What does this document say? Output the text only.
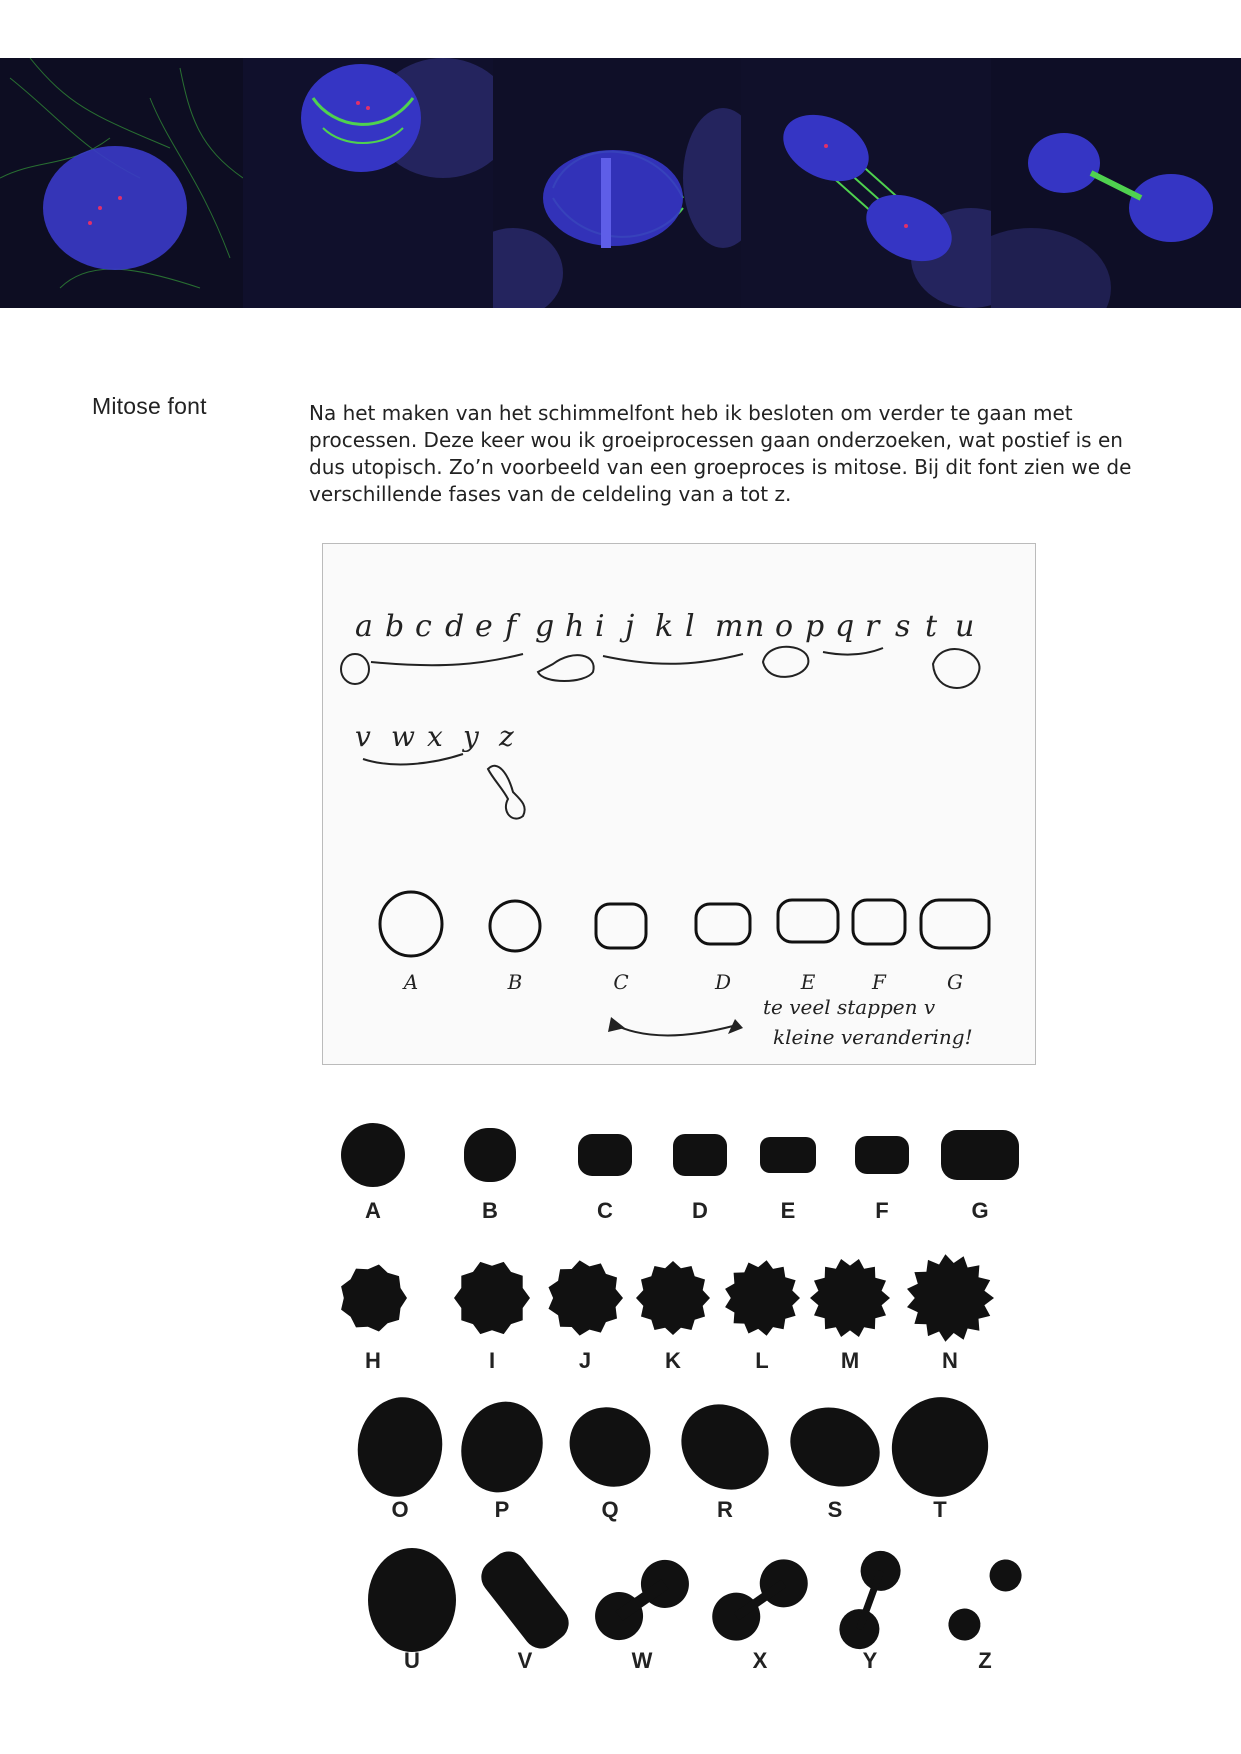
Mitose font	Na het maken van het schimmelfont heb ik besloten om verder te gaan met processen. Deze keer wou ik groeiprocessen gaan onderzoeken, wat postief is en dus utopisch. Zo’n voorbeeld van een groeproces is mitose. Bij dit font zien we de verschillende fases van de celdeling van a tot z.

a b c d e f g h i j k l m n o p q r s t u
v w x y z
A	B	C	D	E	F	G
te veel stappen v
kleine verandering!
A	B	C	D	E	F	G
H	I	J	K	L	M	N
O	P	Q	R	S	T
U	V	W	X	Y	Z
